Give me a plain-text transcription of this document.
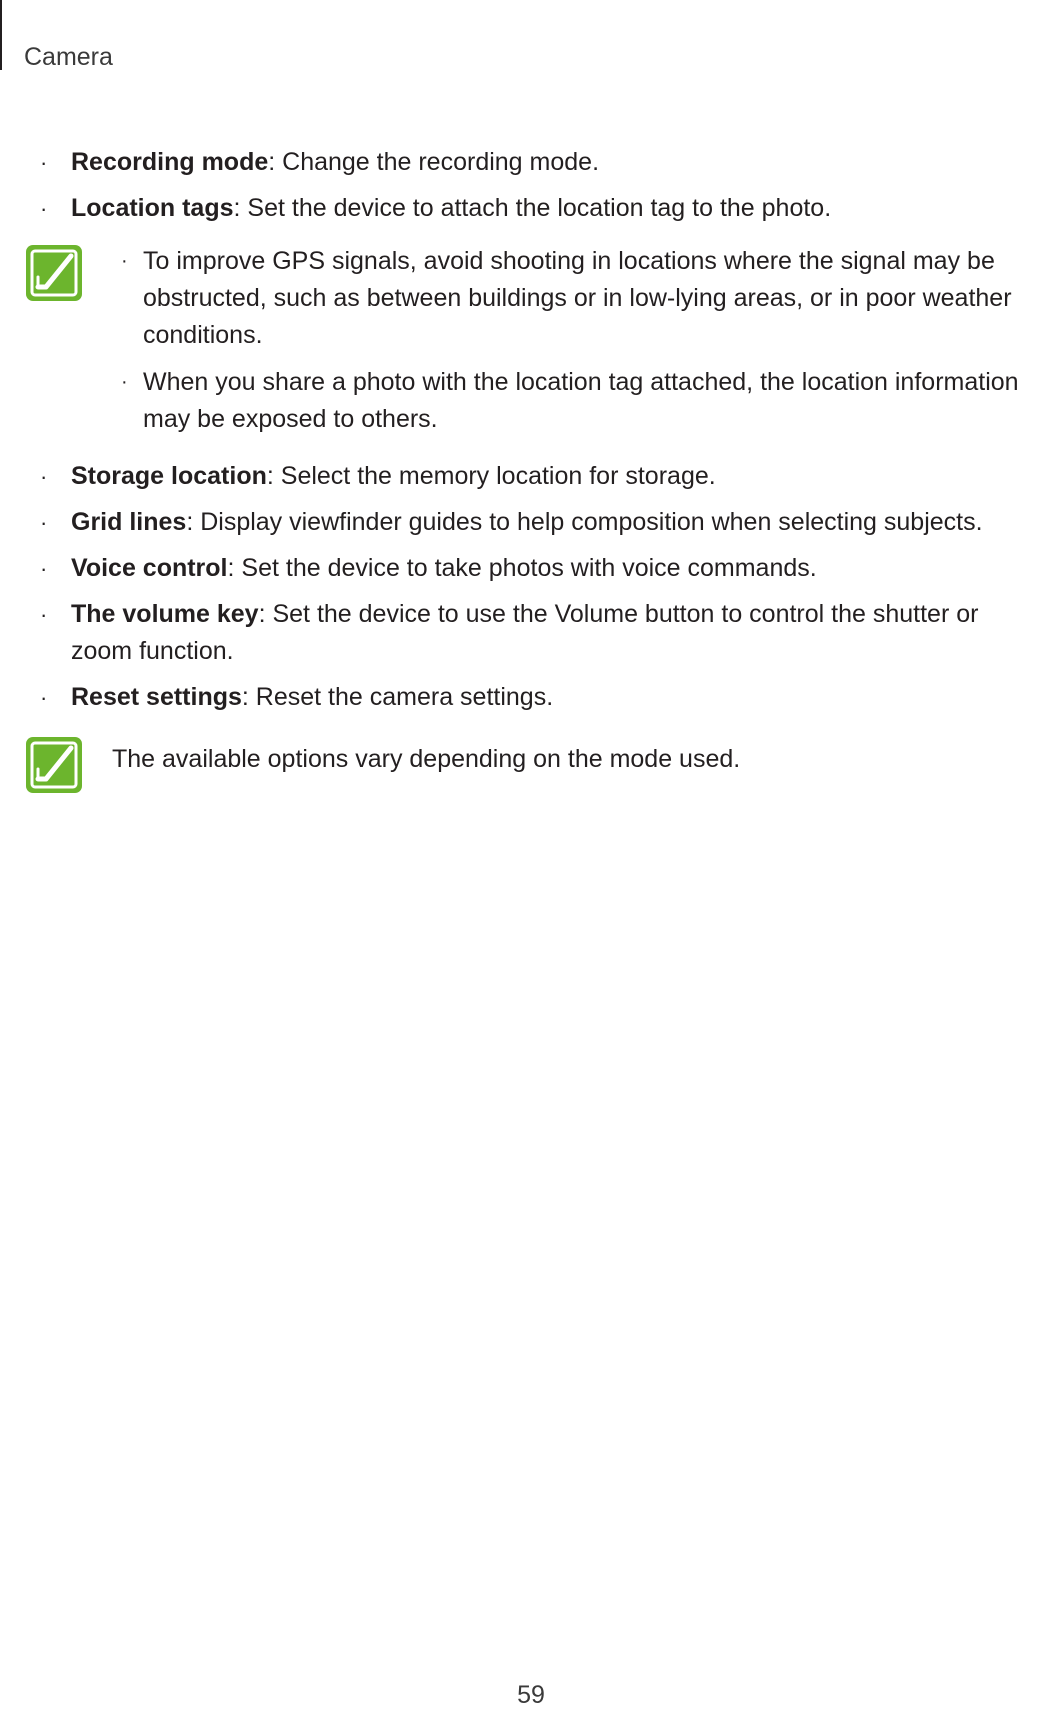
Camera
· Recording mode: Change the recording mode.
· Location tags: Set the device to attach the location tag to the photo.
· To improve GPS signals, avoid shooting in locations where the signal may be obstructed, such as between buildings or in low-lying areas, or in poor weather conditions.
· When you share a photo with the location tag attached, the location information may be exposed to others.
· Storage location: Select the memory location for storage.
· Grid lines: Display viewfinder guides to help composition when selecting subjects.
· Voice control: Set the device to take photos with voice commands.
· The volume key: Set the device to use the Volume button to control the shutter or zoom function.
· Reset settings: Reset the camera settings.
The available options vary depending on the mode used.
59
